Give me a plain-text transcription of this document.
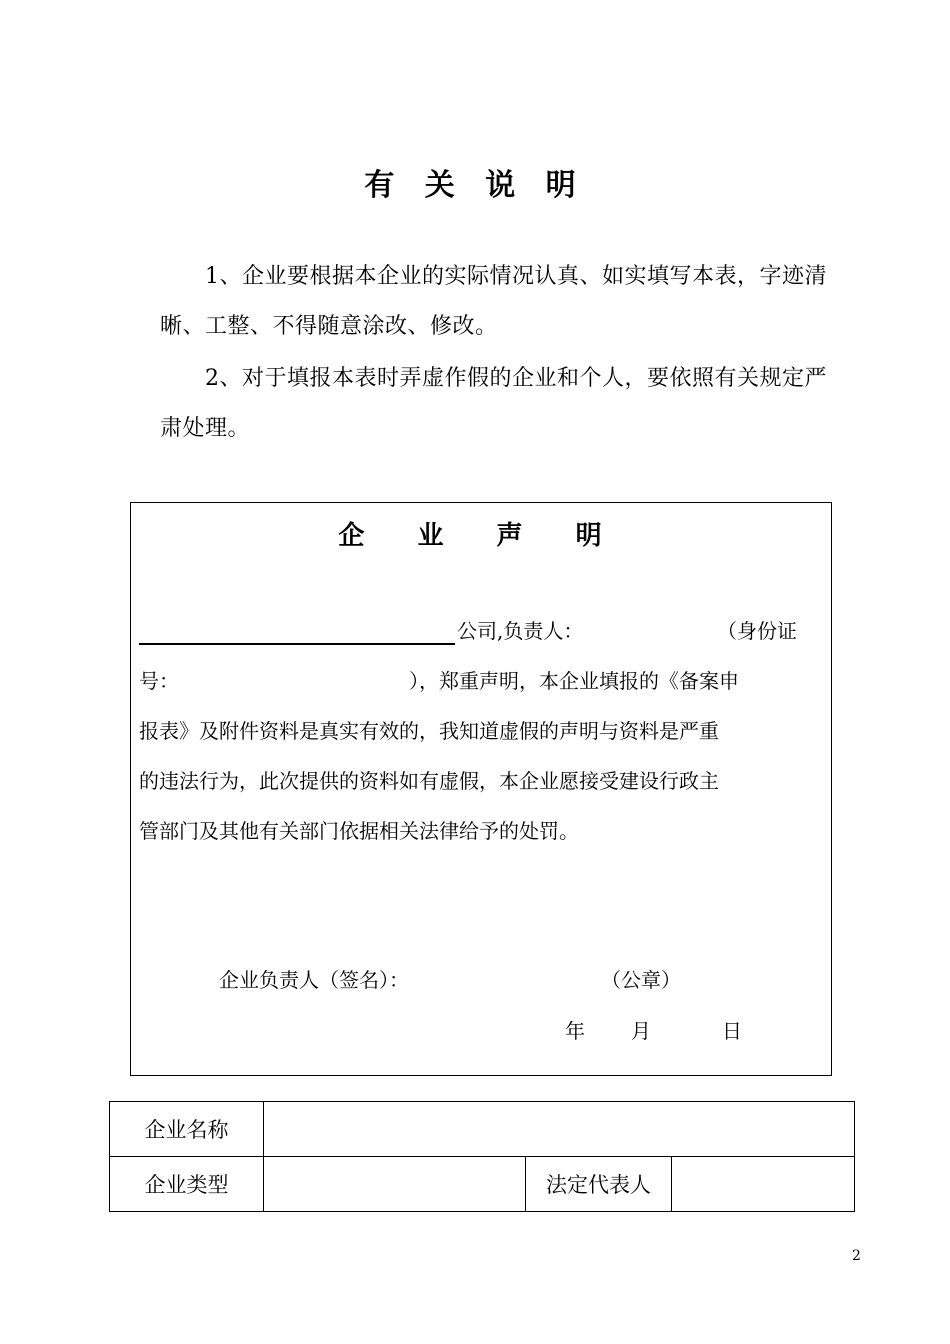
有 关 说 明

1、企业要根据本企业的实际情况认真、如实填写本表，字迹清晰、工整、不得随意涂改、修改。

2、对于填报本表时弄虚作假的企业和个人，要依照有关规定严肃处理。

企 业 声 明
公司,负责人：	（身份证
号：	），郑重声明，本企业填报的《备案申
报表》及附件资料是真实有效的，我知道虚假的声明与资料是严重
的违法行为，此次提供的资料如有虚假，本企业愿接受建设行政主
管部门及其他有关部门依据相关法律给予的处罚。
企业负责人（签名）：	（公章）
年 月	日
企业名称			
企业类型		法定代表人	
2
